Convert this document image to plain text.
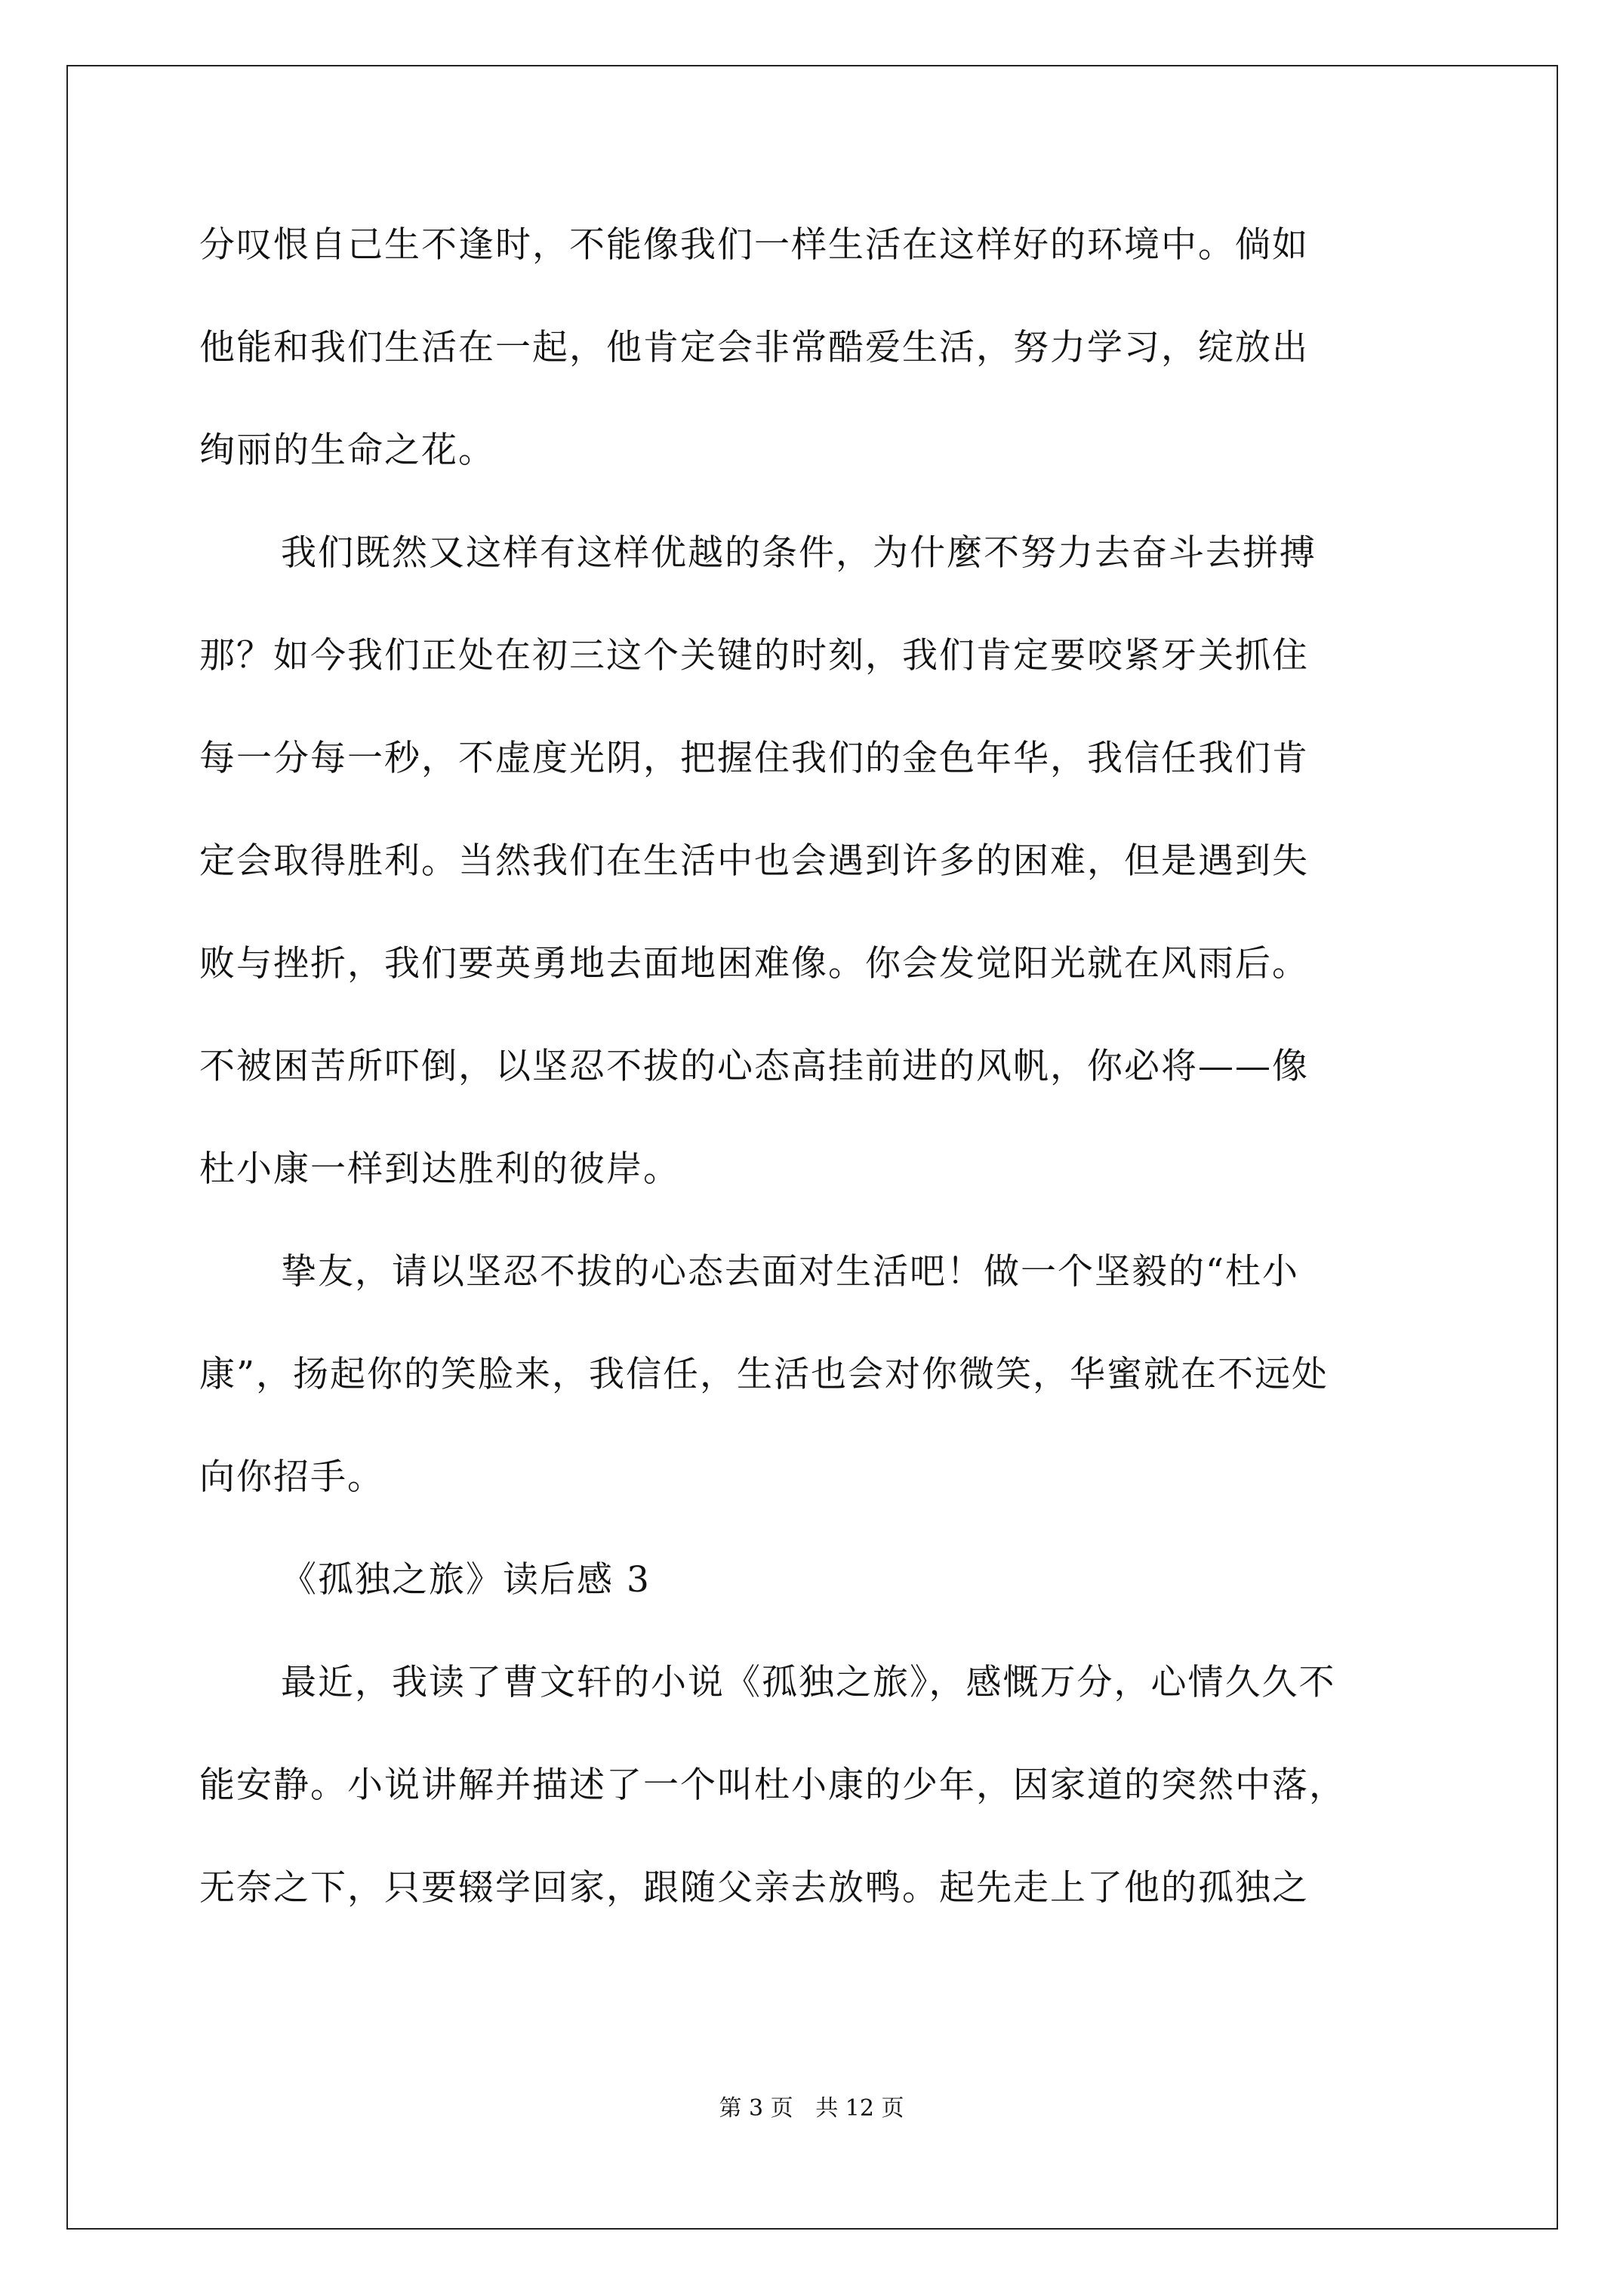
分叹恨自己生不逢时，不能像我们一样生活在这样好的环境中。倘如
他能和我们生活在一起，他肯定会非常酷爱生活，努力学习，绽放出
绚丽的生命之花。
我们既然又这样有这样优越的条件，为什麼不努力去奋斗去拼搏
那？如今我们正处在初三这个关键的时刻，我们肯定要咬紧牙关抓住
每一分每一秒，不虚度光阴，把握住我们的金色年华，我信任我们肯
定会取得胜利。当然我们在生活中也会遇到许多的困难，但是遇到失
败与挫折，我们要英勇地去面地困难像。你会发觉阳光就在风雨后。
不被困苦所吓倒，以坚忍不拔的心态高挂前进的风帆，你必将——像
杜小康一样到达胜利的彼岸。
挚友，请以坚忍不拔的心态去面对生活吧！做一个坚毅的“杜小
康”，扬起你的笑脸来，我信任，生活也会对你微笑，华蜜就在不远处
向你招手。
《孤独之旅》读后感 3
最近，我读了曹文轩的小说《孤独之旅》，感慨万分，心情久久不
能安静。小说讲解并描述了一个叫杜小康的少年，因家道的突然中落，
无奈之下，只要辍学回家，跟随父亲去放鸭。起先走上了他的孤独之
第 3 页 共 12 页
